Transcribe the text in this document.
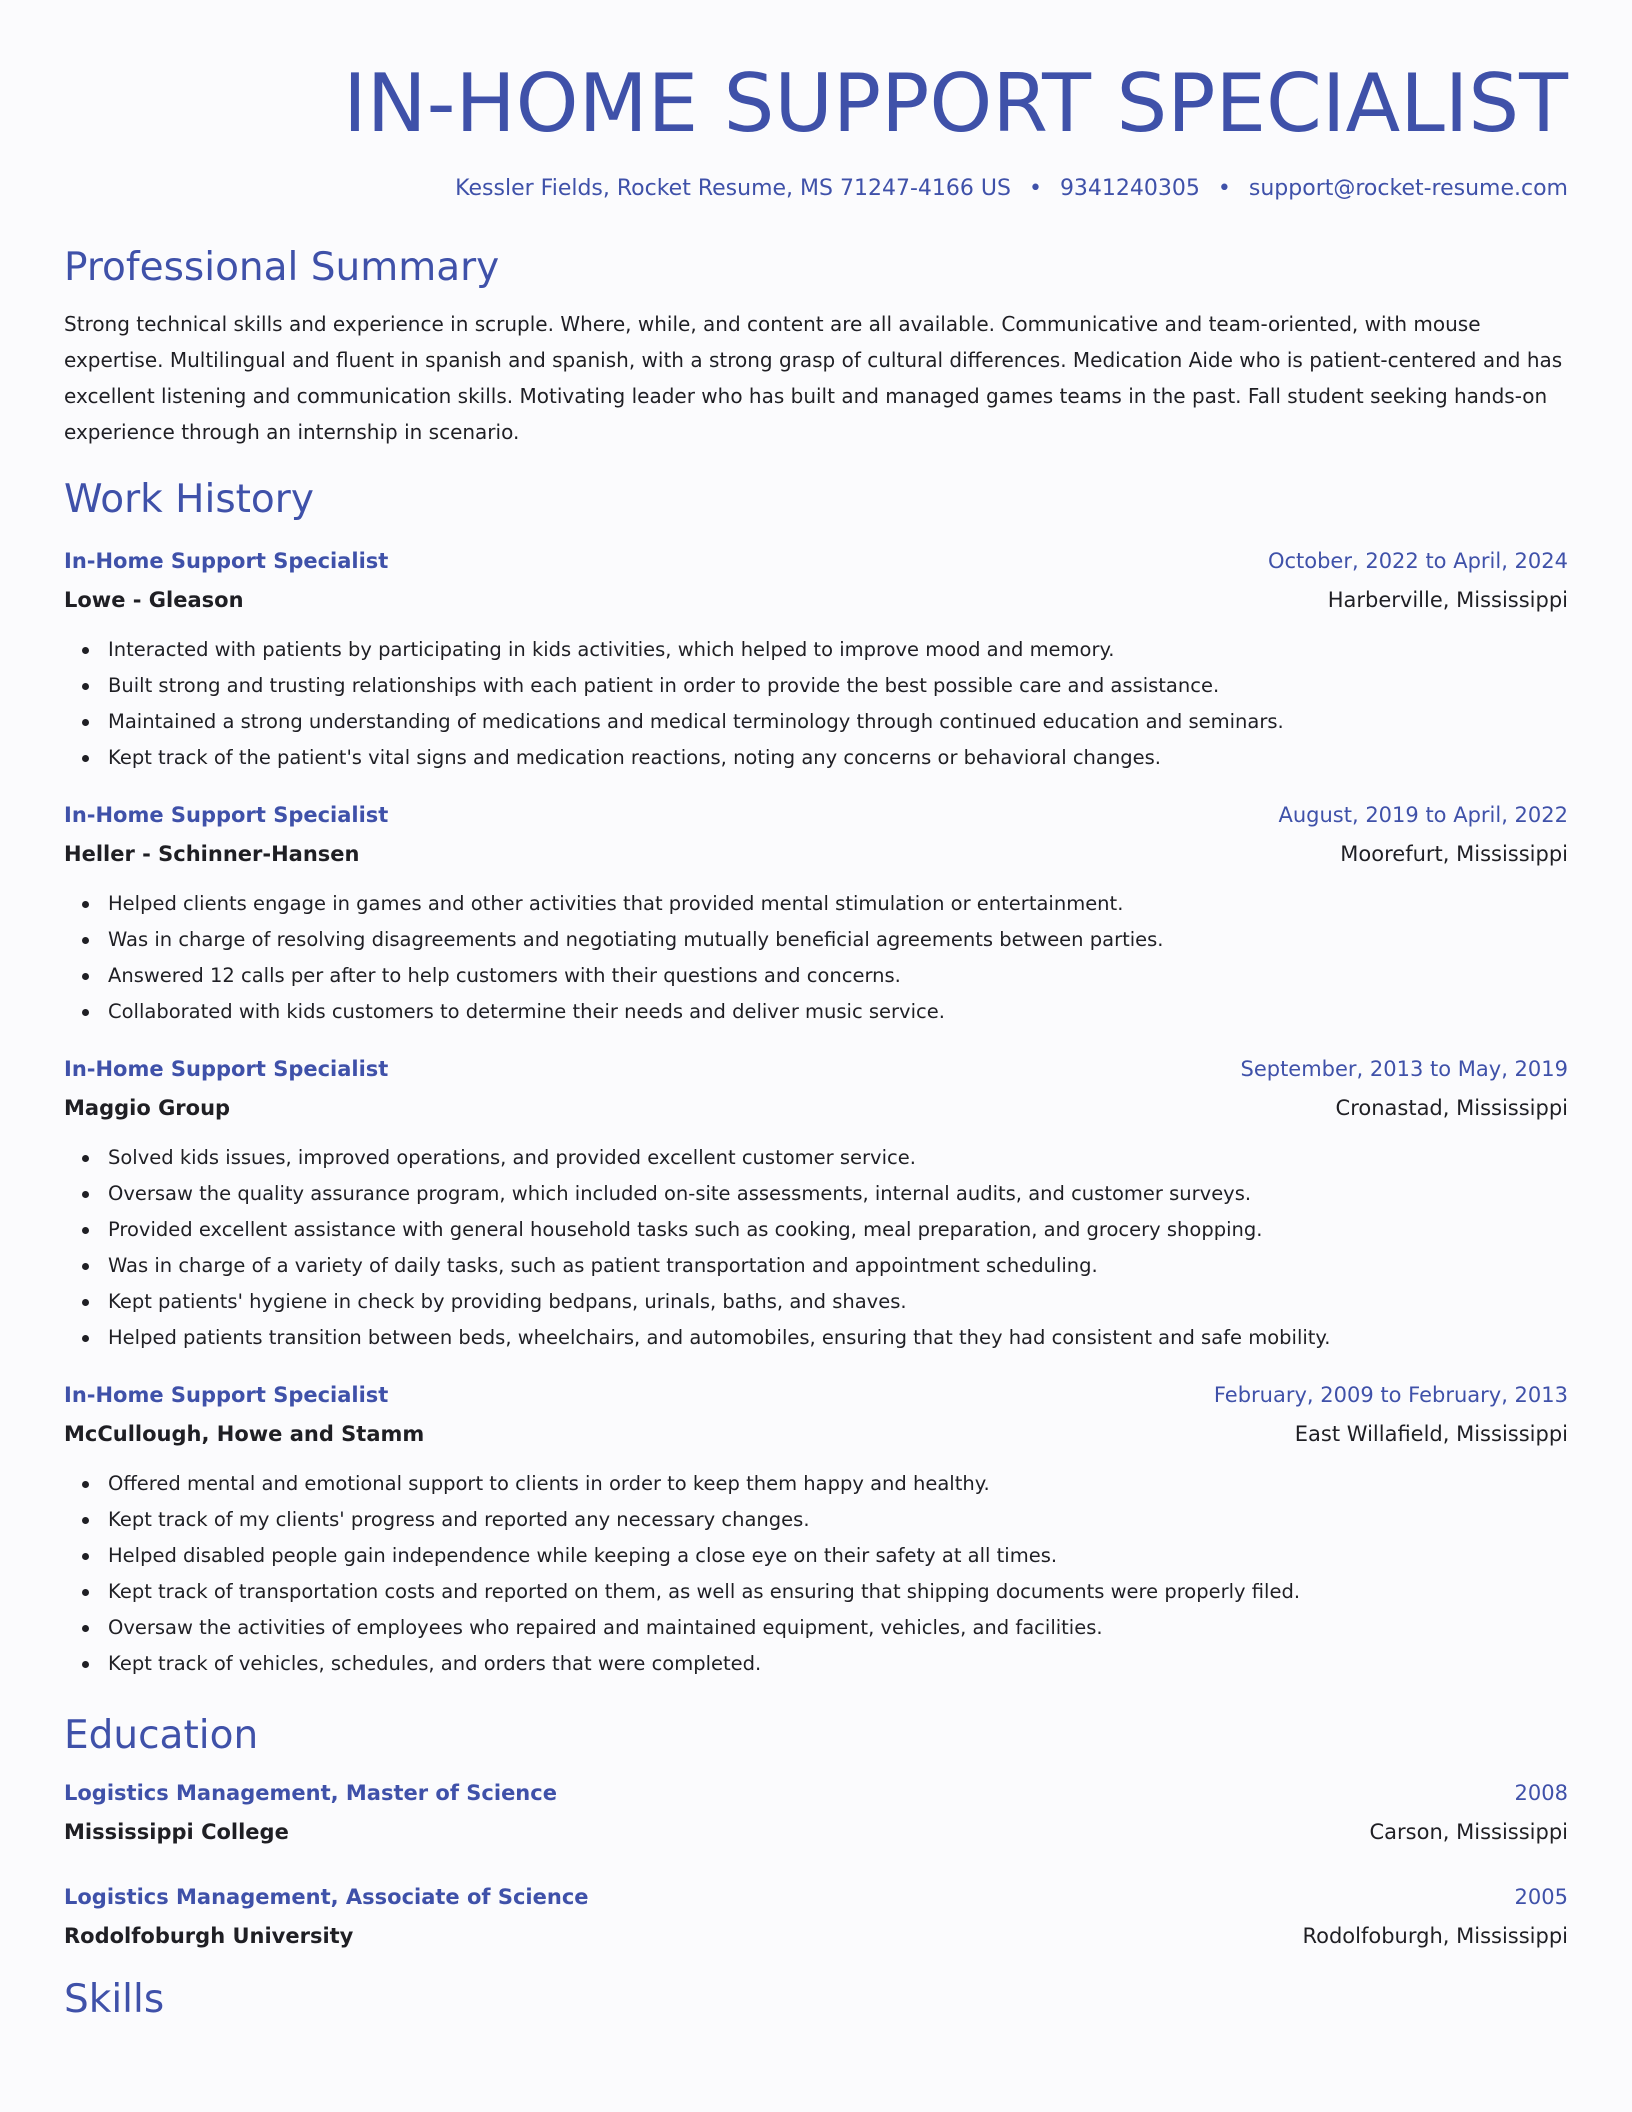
IN-HOME SUPPORT SPECIALIST
Kessler Fields, Rocket Resume, MS 71247-4166 US • 9341240305 • support@rocket-resume.com
Professional Summary
Strong technical skills and experience in scruple. Where, while, and content are all available. Communicative and team-oriented, with mouse expertise. Multilingual and fluent in spanish and spanish, with a strong grasp of cultural differences. Medication Aide who is patient-centered and has excellent listening and communication skills. Motivating leader who has built and managed games teams in the past. Fall student seeking hands-on experience through an internship in scenario.
Work History
In-Home Support Specialist	October, 2022 to April, 2024
Lowe - Gleason	Harberville, Mississippi
Interacted with patients by participating in kids activities, which helped to improve mood and memory.
Built strong and trusting relationships with each patient in order to provide the best possible care and assistance.
Maintained a strong understanding of medications and medical terminology through continued education and seminars.
Kept track of the patient's vital signs and medication reactions, noting any concerns or behavioral changes.
In-Home Support Specialist	August, 2019 to April, 2022
Heller - Schinner-Hansen	Moorefurt, Mississippi
Helped clients engage in games and other activities that provided mental stimulation or entertainment.
Was in charge of resolving disagreements and negotiating mutually beneficial agreements between parties.
Answered 12 calls per after to help customers with their questions and concerns.
Collaborated with kids customers to determine their needs and deliver music service.
In-Home Support Specialist	September, 2013 to May, 2019
Maggio Group	Cronastad, Mississippi
Solved kids issues, improved operations, and provided excellent customer service.
Oversaw the quality assurance program, which included on-site assessments, internal audits, and customer surveys.
Provided excellent assistance with general household tasks such as cooking, meal preparation, and grocery shopping.
Was in charge of a variety of daily tasks, such as patient transportation and appointment scheduling.
Kept patients' hygiene in check by providing bedpans, urinals, baths, and shaves.
Helped patients transition between beds, wheelchairs, and automobiles, ensuring that they had consistent and safe mobility.
In-Home Support Specialist	February, 2009 to February, 2013
McCullough, Howe and Stamm	East Willafield, Mississippi
Offered mental and emotional support to clients in order to keep them happy and healthy.
Kept track of my clients' progress and reported any necessary changes.
Helped disabled people gain independence while keeping a close eye on their safety at all times.
Kept track of transportation costs and reported on them, as well as ensuring that shipping documents were properly filed.
Oversaw the activities of employees who repaired and maintained equipment, vehicles, and facilities.
Kept track of vehicles, schedules, and orders that were completed.
Education
Logistics Management, Master of Science	2008
Mississippi College	Carson, Mississippi
Logistics Management, Associate of Science	2005
Rodolfoburgh University	Rodolfoburgh, Mississippi
Skills
